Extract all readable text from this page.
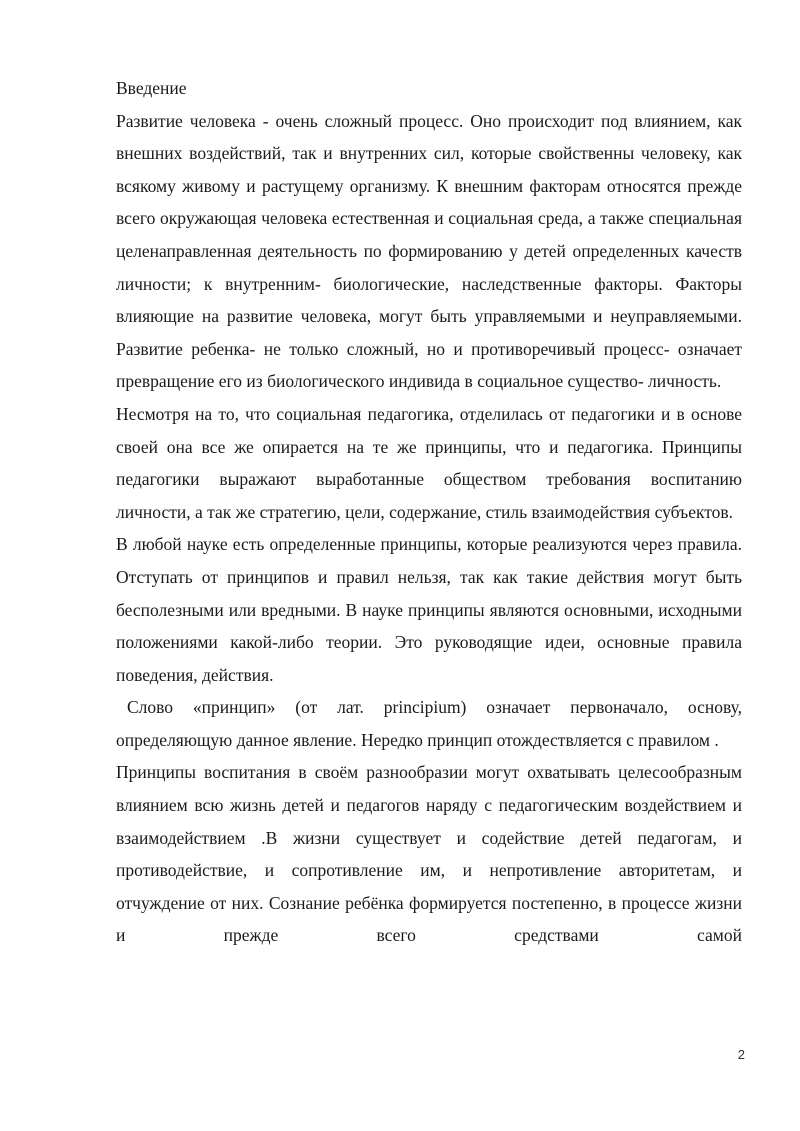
Введение

Развитие человека - очень сложный процесс. Оно происходит под влиянием, как внешних воздействий, так и внутренних сил, которые свойственны человеку, как всякому живому и растущему организму. К внешним факторам относятся прежде всего окружающая человека естественная и социальная среда, а также специальная целенаправленная деятельность по формированию у детей определенных качеств личности; к внутренним- биологические, наследственные факторы. Факторы влияющие на развитие человека, могут быть управляемыми и неуправляемыми. Развитие ребенка- не только сложный, но и противоречивый процесс- означает превращение его из биологического индивида в социальное существо- личность.

Несмотря на то, что социальная педагогика, отделилась от педагогики и в основе своей она все же опирается на те же принципы, что и педагогика. Принципы педагогики выражают выработанные обществом требования воспитанию личности, а так же стратегию, цели, содержание, стиль взаимодействия субъектов.

В любой науке есть определенные принципы, которые реализуются через правила. Отступать от принципов и правил нельзя, так как такие действия могут быть бесполезными или вредными. В науке принципы являются основными, исходными положениями какой-либо теории. Это руководящие идеи, основные правила поведения, действия.

Слово «принцип» (от лат. principium) означает первоначало, основу, определяющую данное явление. Нередко принцип отождествляется с правилом .

Принципы воспитания в своём разнообразии могут охватывать целесообразным влиянием всю жизнь детей и педагогов наряду с педагогическим воздействием и взаимодействием .В жизни существует и содействие детей педагогам, и противодействие, и сопротивление им, и непротивление авторитетам, и отчуждение от них. Сознание ребёнка формируется постепенно, в процессе жизни и прежде всего средствами самой

2
